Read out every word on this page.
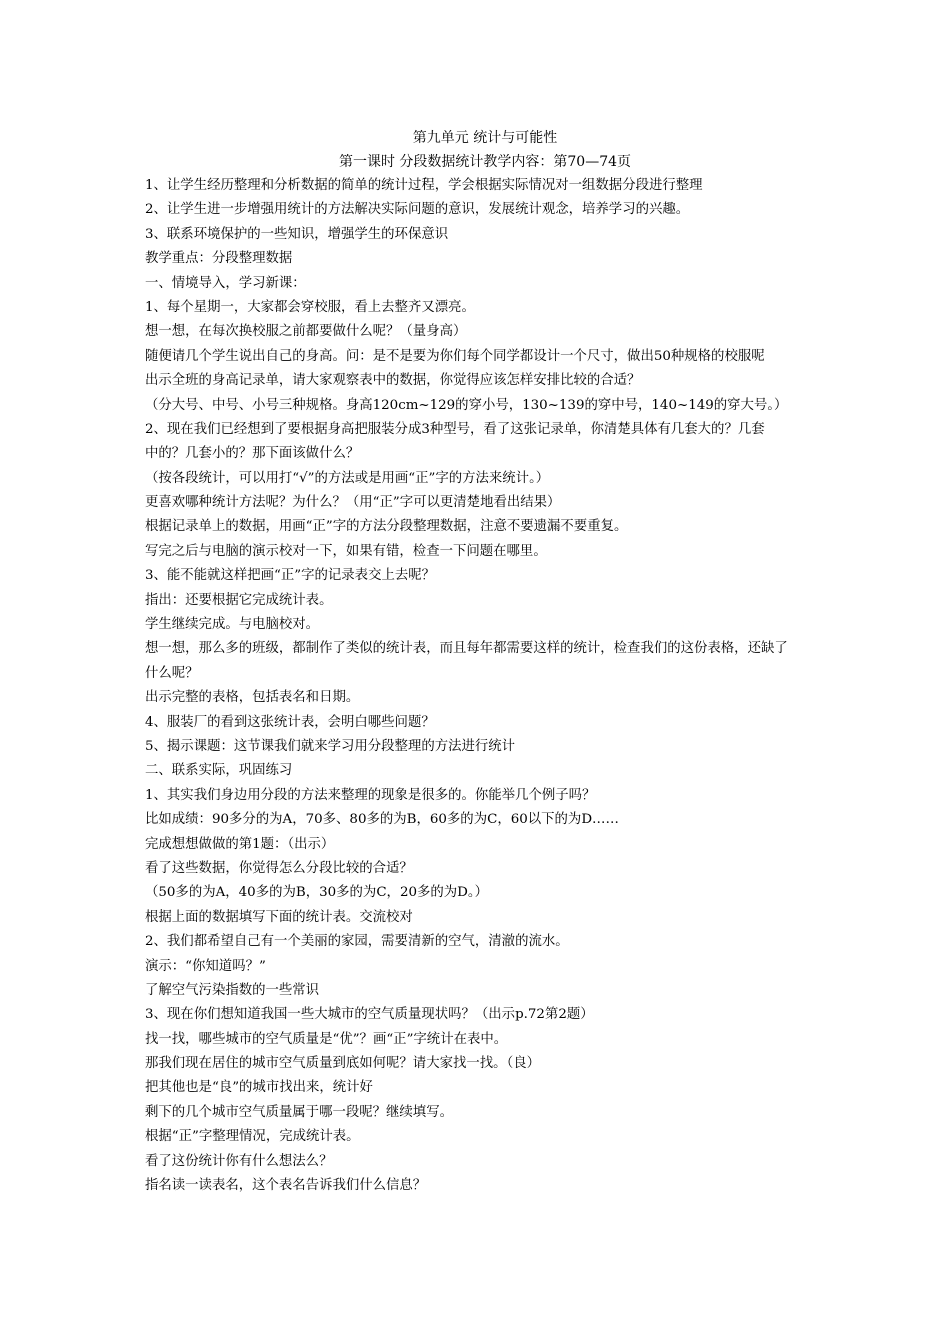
第九单元 统计与可能性
第一课时 分段数据统计教学内容：第70—74页
1、让学生经历整理和分析数据的简单的统计过程，学会根据实际情况对一组数据分段进行整理
2、让学生进一步增强用统计的方法解决实际问题的意识，发展统计观念，培养学习的兴趣。
3、联系环境保护的一些知识，增强学生的环保意识
教学重点：分段整理数据
一、情境导入，学习新课：
1、每个星期一，大家都会穿校服，看上去整齐又漂亮。
想一想，在每次换校服之前都要做什么呢？（量身高）
随便请几个学生说出自己的身高。问：是不是要为你们每个同学都设计一个尺寸，做出50种规格的校服呢
出示全班的身高记录单，请大家观察表中的数据，你觉得应该怎样安排比较的合适？
（分大号、中号、小号三种规格。身高120cm~129的穿小号，130~139的穿中号，140~149的穿大号。）
2、现在我们已经想到了要根据身高把服装分成3种型号，看了这张记录单，你清楚具体有几套大的？几套
中的？几套小的？那下面该做什么？
（按各段统计，可以用打“√”的方法或是用画“正”字的方法来统计。）
更喜欢哪种统计方法呢？为什么？（用“正”字可以更清楚地看出结果）
根据记录单上的数据，用画“正”字的方法分段整理数据，注意不要遗漏不要重复。
写完之后与电脑的演示校对一下，如果有错，检查一下问题在哪里。
3、能不能就这样把画“正”字的记录表交上去呢？
指出：还要根据它完成统计表。
学生继续完成。与电脑校对。
想一想，那么多的班级，都制作了类似的统计表，而且每年都需要这样的统计，检查我们的这份表格，还缺了
什么呢？
出示完整的表格，包括表名和日期。
4、服装厂的看到这张统计表，会明白哪些问题？
5、揭示课题：这节课我们就来学习用分段整理的方法进行统计
二、联系实际，巩固练习
1、其实我们身边用分段的方法来整理的现象是很多的。你能举几个例子吗？
比如成绩：90多分的为A，70多、80多的为B，60多的为C，60以下的为D……
完成想想做做的第1题：（出示）
看了这些数据，你觉得怎么分段比较的合适？
（50多的为A，40多的为B，30多的为C，20多的为D。）
根据上面的数据填写下面的统计表。交流校对
2、我们都希望自己有一个美丽的家园，需要清新的空气，清澈的流水。
演示：“你知道吗？”
了解空气污染指数的一些常识
3、现在你们想知道我国一些大城市的空气质量现状吗？（出示p.72第2题）
找一找，哪些城市的空气质量是“优”？画“正”字统计在表中。
那我们现在居住的城市空气质量到底如何呢？请大家找一找。（良）
把其他也是“良”的城市找出来，统计好
剩下的几个城市空气质量属于哪一段呢？继续填写。
根据“正”字整理情况，完成统计表。
看了这份统计你有什么想法么？
指名读一读表名，这个表名告诉我们什么信息？
